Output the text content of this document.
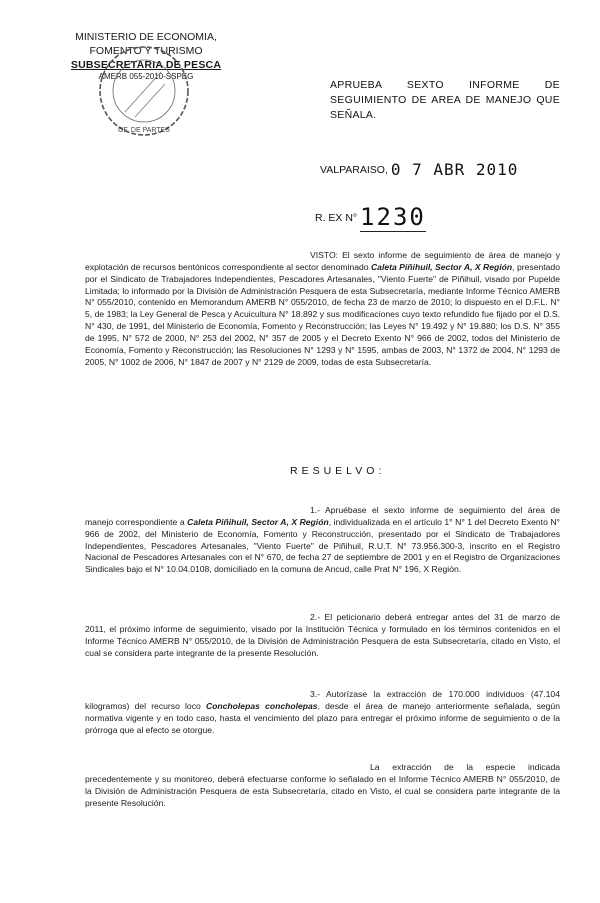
MINISTERIO DE ECONOMIA,
FOMENTO Y TURISMO
SUBSECRETARIA DE PESCA
AMERB 055-2010-SSPEG
OF. DE PARTES
APRUEBA SEXTO INFORME DE SEGUIMIENTO DE AREA DE MANEJO QUE SEÑALA.
VALPARAISO, 0 7 ABR 2010
R. EX N° 1230
VISTO: El sexto informe de seguimiento de área de manejo y explotación de recursos bentónicos correspondiente al sector denominado Caleta Piñihuil, Sector A, X Región, presentado por el Sindicato de Trabajadores Independientes, Pescadores Artesanales, "Viento Fuerte" de Piñihuil, visado por Pupelde Limitada; lo informado por la División de Administración Pesquera de esta Subsecretaría, mediante Informe Técnico AMERB N° 055/2010, contenido en Memorandum AMERB N° 055/2010, de fecha 23 de marzo de 2010; lo dispuesto en el D.F.L. N° 5, de 1983; la Ley General de Pesca y Acuicultura N° 18.892 y sus modificaciones cuyo texto refundido fue fijado por el D.S. N° 430, de 1991, del Ministerio de Economía, Fomento y Reconstrucción; las Leyes N° 19.492 y N° 19.880; los D.S. N° 355 de 1995, N° 572 de 2000, N° 253 del 2002, N° 357 de 2005 y el Decreto Exento N° 966 de 2002, todos del Ministerio de Economía, Fomento y Reconstrucción; las Resoluciones N° 1293 y N° 1595, ambas de 2003, N° 1372 de 2004, N° 1293 de 2005, N° 1002 de 2006, N° 1847 de 2007 y N° 2129 de 2009, todas de esta Subsecretaría.
RESUELVO:
1.- Apruébase el sexto informe de seguimiento del área de manejo correspondiente a Caleta Piñihuil, Sector A, X Región, individualizada en el artículo 1° N° 1 del Decreto Exento N° 966 de 2002, del Ministerio de Economía, Fomento y Reconstrucción, presentado por el Sindicato de Trabajadores Independientes, Pescadores Artesanales, "Viento Fuerte" de Piñihuil, R.U.T. N° 73.956.300-3, inscrito en el Registro Nacional de Pescadores Artesanales con el N° 670, de fecha 27 de septiembre de 2001 y en el Registro de Organizaciones Sindicales bajo el N° 10.04.0108, domiciliado en la comuna de Ancud, calle Prat N° 196, X Región.
2.- El peticionario deberá entregar antes del 31 de marzo de 2011, el próximo informe de seguimiento, visado por la Institución Técnica y formulado en los términos contenidos en el Informe Técnico AMERB N° 055/2010, de la División de Administración Pesquera de esta Subsecretaría, citado en Visto, el cual se considera parte integrante de la presente Resolución.
3.- Autorízase la extracción de 170.000 individuos (47.104 kilogramos) del recurso loco Concholepas concholepas, desde el área de manejo anteriormente señalada, según normativa vigente y en todo caso, hasta el vencimiento del plazo para entregar el próximo informe de seguimiento o de la prórroga que al efecto se otorgue.
La extracción de la especie indicada precedentemente y su monitoreo, deberá efectuarse conforme lo señalado en el Informe Técnico AMERB N° 055/2010, de la División de Administración Pesquera de esta Subsecretaría, citado en Visto, el cual se considera parte integrante de la presente Resolución.
